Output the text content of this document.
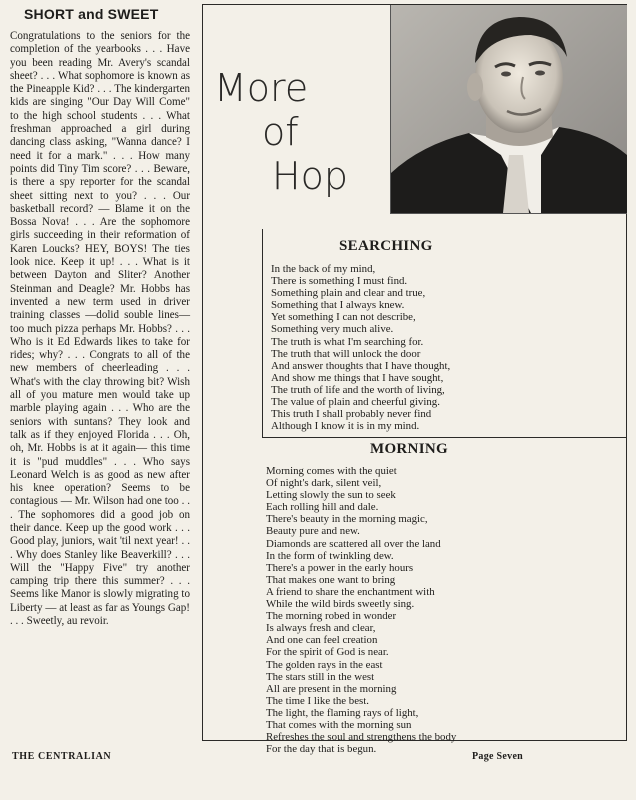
SHORT and SWEET
Congratulations to the seniors for the completion of the yearbooks . . . Have you been reading Mr. Avery's scandal sheet? . . . What sophomore is known as the Pineapple Kid? . . . The kindergarten kids are singing "Our Day Will Come" to the high school students . . . What freshman approached a girl during dancing class asking, "Wanna dance? I need it for a mark." . . . How many points did Tiny Tim score? . . . Beware, is there a spy reporter for the scandal sheet sitting next to you? . . . Our basketball record? — Blame it on the Bossa Nova! . . . Are the sophomore girls succeeding in their reformation of Karen Loucks? HEY, BOYS! The ties look nice. Keep it up! . . . What is it between Dayton and Sliter? Another Steinman and Deagle? Mr. Hobbs has invented a new term used in driver training classes —dolid souble lines— too much pizza perhaps Mr. Hobbs? . . . Who is it Ed Edwards likes to take for rides; why? . . . Congrats to all of the new members of cheerleading . . . What's with the clay throwing bit? Wish all of you mature men would take up marble playing again . . . Who are the seniors with suntans? They look and talk as if they enjoyed Florida . . . Oh, oh, Mr. Hobbs is at it again— this time it is "pud muddles" . . . Who says Leonard Welch is as good as new after his knee operation? Seems to be contagious — Mr. Wilson had one too . . . The sophomores did a good job on their dance. Keep up the good work . . . Good play, juniors, wait 'til next year! . . . Why does Stanley like Beaverkill? . . . Will the "Happy Five" try another camping trip there this summer? . . . Seems like Manor is slowly migrating to Liberty — at least as far as Youngs Gap! . . . Sweetly, au revoir.
More
of
Hop
SEARCHING
In the back of my mind,
There is something I must find.
Something plain and clear and true,
Something that I always knew.
Yet something I can not describe,
Something very much alive.
The truth is what I'm searching for.
The truth that will unlock the door
And answer thoughts that I have thought,
And show me things that I have sought,
The truth of life and the worth of living,
The value of plain and cheerful giving.
This truth I shall probably never find
Although I know it is in my mind.
MORNING
Morning comes with the quiet
Of night's dark, silent veil,
Letting slowly the sun to seek
Each rolling hill and dale.
There's beauty in the morning magic,
Beauty pure and new.
Diamonds are scattered all over the land
In the form of twinkling dew.
There's a power in the early hours
That makes one want to bring
A friend to share the enchantment with
While the wild birds sweetly sing.
The morning robed in wonder
Is always fresh and clear,
And one can feel creation
For the spirit of God is near.
The golden rays in the east
The stars still in the west
All are present in the morning
The time I like the best.
The light, the flaming rays of light,
That comes with the morning sun
Refreshes the soul and strengthens the body
For the day that is begun.
THE CENTRALIAN	Page Seven
